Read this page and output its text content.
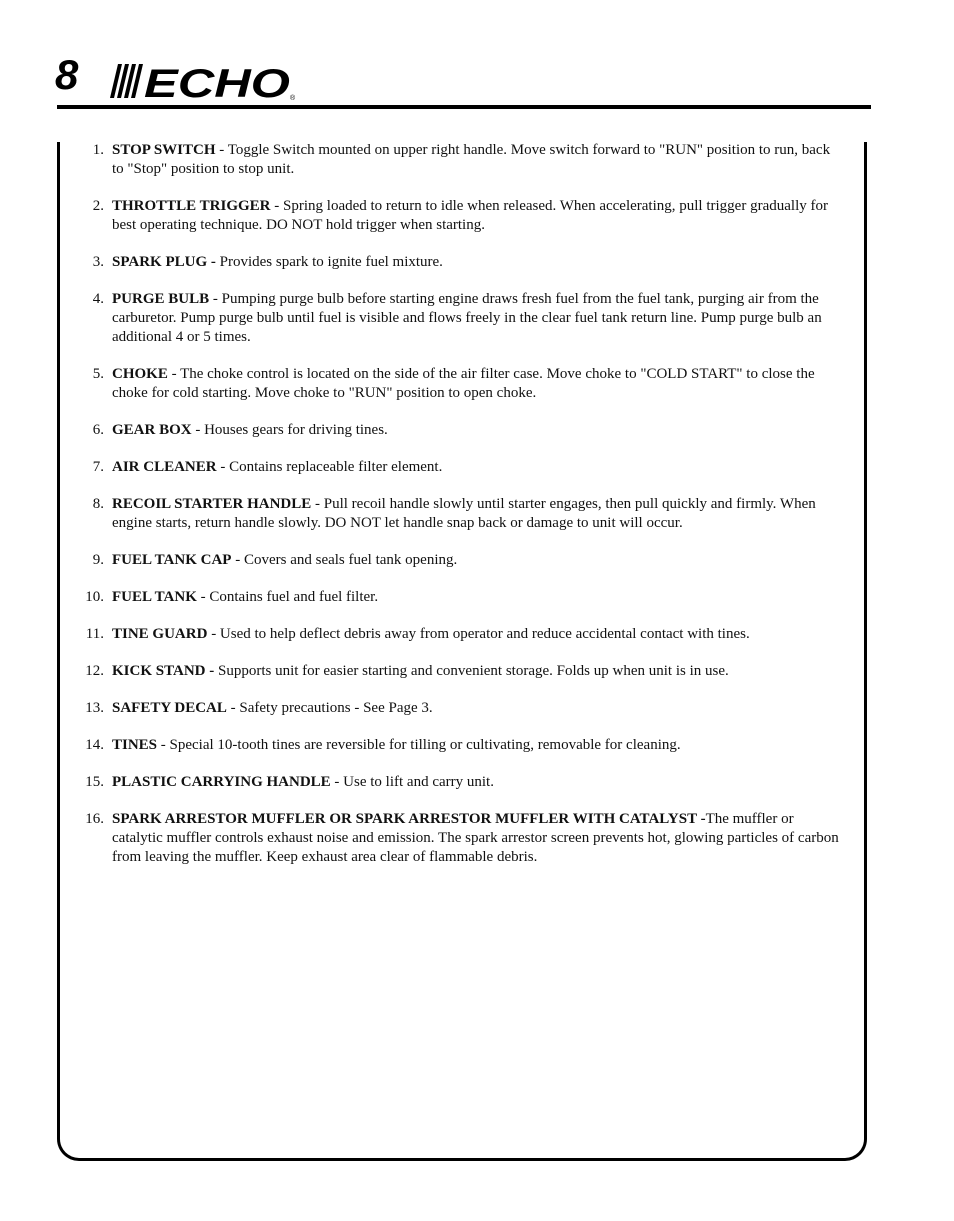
8 ECHO ®
1. STOP SWITCH - Toggle Switch mounted on upper right handle. Move switch forward to "RUN" position to run, back to "Stop" position to stop unit.
2. THROTTLE TRIGGER - Spring loaded to return to idle when released. When accelerating, pull trigger gradually for best operating technique. DO NOT hold trigger when starting.
3. SPARK PLUG - Provides spark to ignite fuel mixture.
4. PURGE BULB - Pumping purge bulb before starting engine draws fresh fuel from the fuel tank, purging air from the carburetor. Pump purge bulb until fuel is visible and flows freely in the clear fuel tank return line. Pump purge bulb an additional 4 or 5 times.
5. CHOKE - The choke control is located on the side of the air filter case. Move choke to "COLD START" to close the choke for cold starting. Move choke to "RUN" position to open choke.
6. GEAR BOX - Houses gears for driving tines.
7. AIR CLEANER - Contains replaceable filter element.
8. RECOIL STARTER HANDLE - Pull recoil handle slowly until starter engages, then pull quickly and firmly. When engine starts, return handle slowly. DO NOT let handle snap back or damage to unit will occur.
9. FUEL TANK CAP - Covers and seals fuel tank opening.
10. FUEL TANK - Contains fuel and fuel filter.
11. TINE GUARD - Used to help deflect debris away from operator and reduce accidental contact with tines.
12. KICK STAND - Supports unit for easier starting and convenient storage. Folds up when unit is in use.
13. SAFETY DECAL - Safety precautions - See Page 3.
14. TINES - Special 10-tooth tines are reversible for tilling or cultivating, removable for cleaning.
15. PLASTIC CARRYING HANDLE - Use to lift and carry unit.
16. SPARK ARRESTOR MUFFLER OR SPARK ARRESTOR MUFFLER WITH CATALYST -The muffler or catalytic muffler controls exhaust noise and emission. The spark arrestor screen prevents hot, glowing particles of carbon from leaving the muffler. Keep exhaust area clear of flammable debris.
